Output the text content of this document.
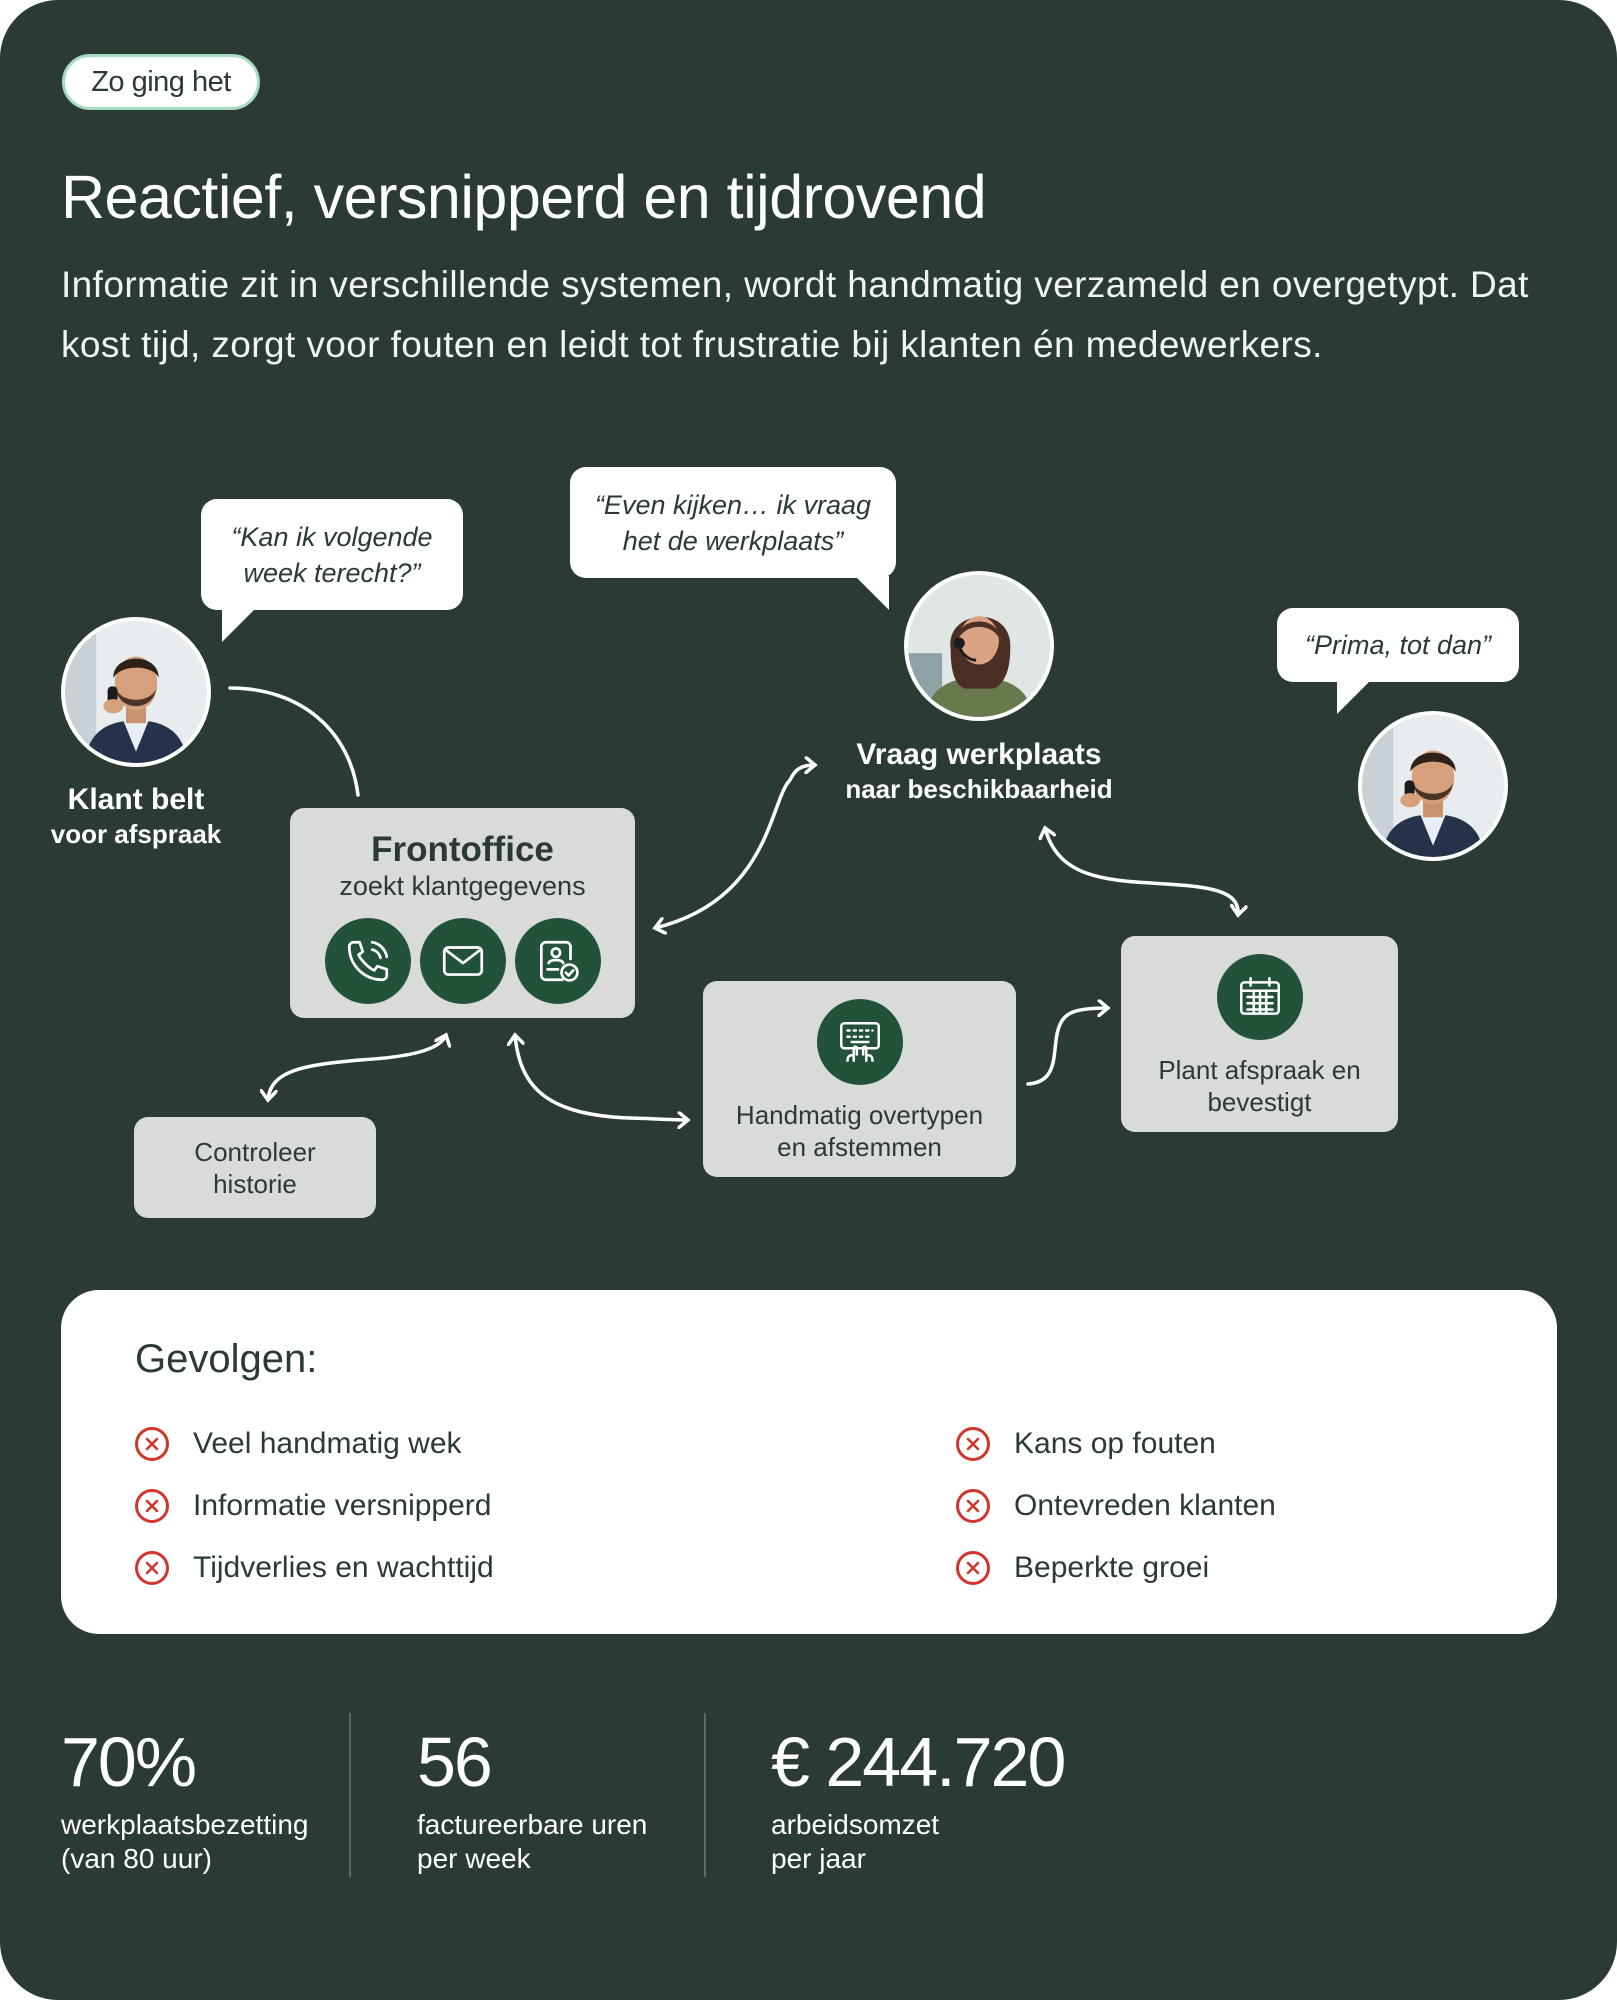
Zo ging het
Reactief, versnipperd en tijdrovend
Informatie zit in verschillende systemen, wordt handmatig verzameld en overgetypt. Dat kost tijd, zorgt voor fouten en leidt tot frustratie bij klanten én medewerkers.
“Kan ik volgende week terecht?”
“Even kijken… ik vraag het de werkplaats”
“Prima, tot dan”
Klant belt
voor afspraak
Vraag werkplaats
naar beschikbaarheid
Frontoffice
zoekt klantgegevens
Controleer historie
Handmatig overtypen en afstemmen
Plant afspraak en bevestigt
Gevolgen:
Veel handmatig wek
Informatie versnipperd
Tijdverlies en wachttijd
Kans op fouten
Ontevreden klanten
Beperkte groei
70%
werkplaatsbezetting
(van 80 uur)
56
factureerbare uren
per week
€ 244.720
arbeidsomzet
per jaar
